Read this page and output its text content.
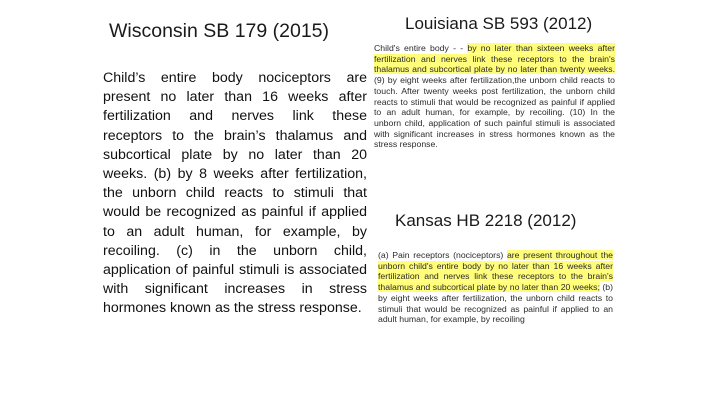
Wisconsin SB 179 (2015)
Child’s entire body nociceptors are present no later than 16 weeks after fertilization and nerves link these receptors to the brain’s thalamus and subcortical plate by no later than 20 weeks. (b) by 8 weeks after fertilization, the unborn child reacts to stimuli that would be recognized as painful if applied to an adult human, for example, by recoiling. (c) in the unborn child, application of painful stimuli is associated with significant increases in stress hormones known as the stress response.
Louisiana SB 593 (2012)
Child's entire body - - by no later than sixteen weeks after fertilization and nerves link these receptors to the brain's thalamus and subcortical plate by no later than twenty weeks. (9) by eight weeks after fertilization,the unborn child reacts to touch. After twenty weeks post fertilization, the unborn child reacts to stimuli that would be recognized as painful if applied to an adult human, for example, by recoiling. (10) In the unborn child, application of such painful stimuli is associated with significant increases in stress hormones known as the stress response.
Kansas HB 2218 (2012)
(a) Pain receptors (nociceptors) are present throughout the unborn child's entire body by no later than 16 weeks after fertilization and nerves link these receptors to the brain's thalamus and subcortical plate by no later than 20 weeks; (b) by eight weeks after fertilization, the unborn child reacts to stimuli that would be recognized as painful if applied to an adult human, for example, by recoiling
